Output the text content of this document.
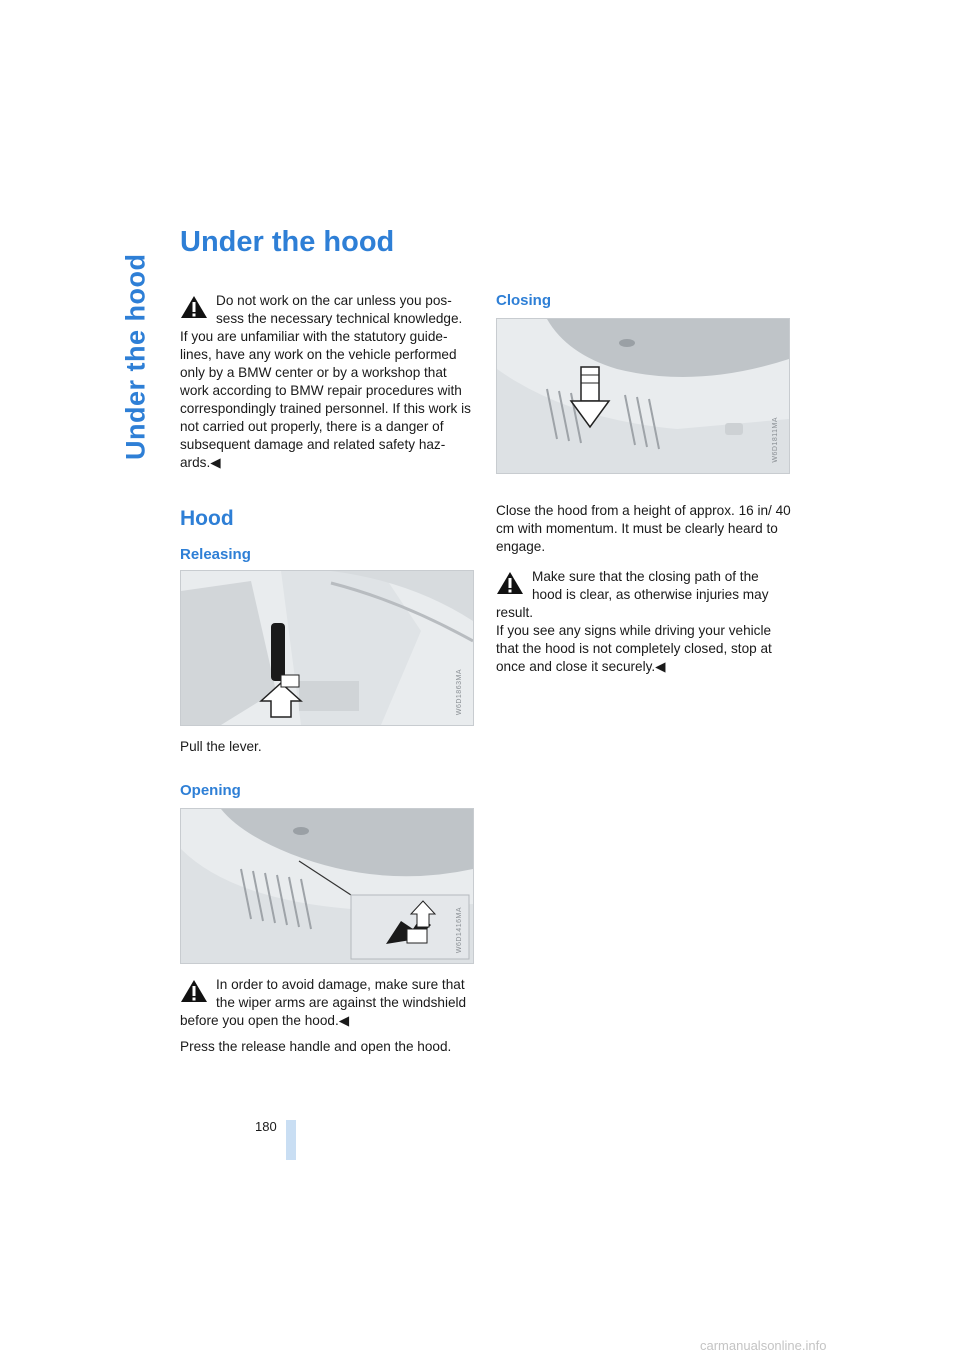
Under the hood
Under the hood

Do not work on the car unless you pos-

sess the necessary technical knowledge.

If you are unfamiliar with the statutory guide-lines, have any work on the vehicle performed only by a BMW center or by a workshop that work according to BMW repair procedures with correspondingly trained personnel. If this work is not carried out properly, there is a danger of subsequent damage and related safety haz-ards.◀

Hood
Releasing
W6D1863MA

Pull the lever.

Opening
W6D1416MA

In order to avoid damage, make sure that

the wiper arms are against the windshield

before you open the hood.◀

Press the release handle and open the hood.

Closing
W6D1811MA

Close the hood from a height of approx. 16 in/ 40 cm with momentum. It must be clearly heard to engage.

Make sure that the closing path of the

hood is clear, as otherwise injuries may

result.

If you see any signs while driving your vehicle that the hood is not completely closed, stop at once and close it securely.◀

180
carmanualsonline.info
